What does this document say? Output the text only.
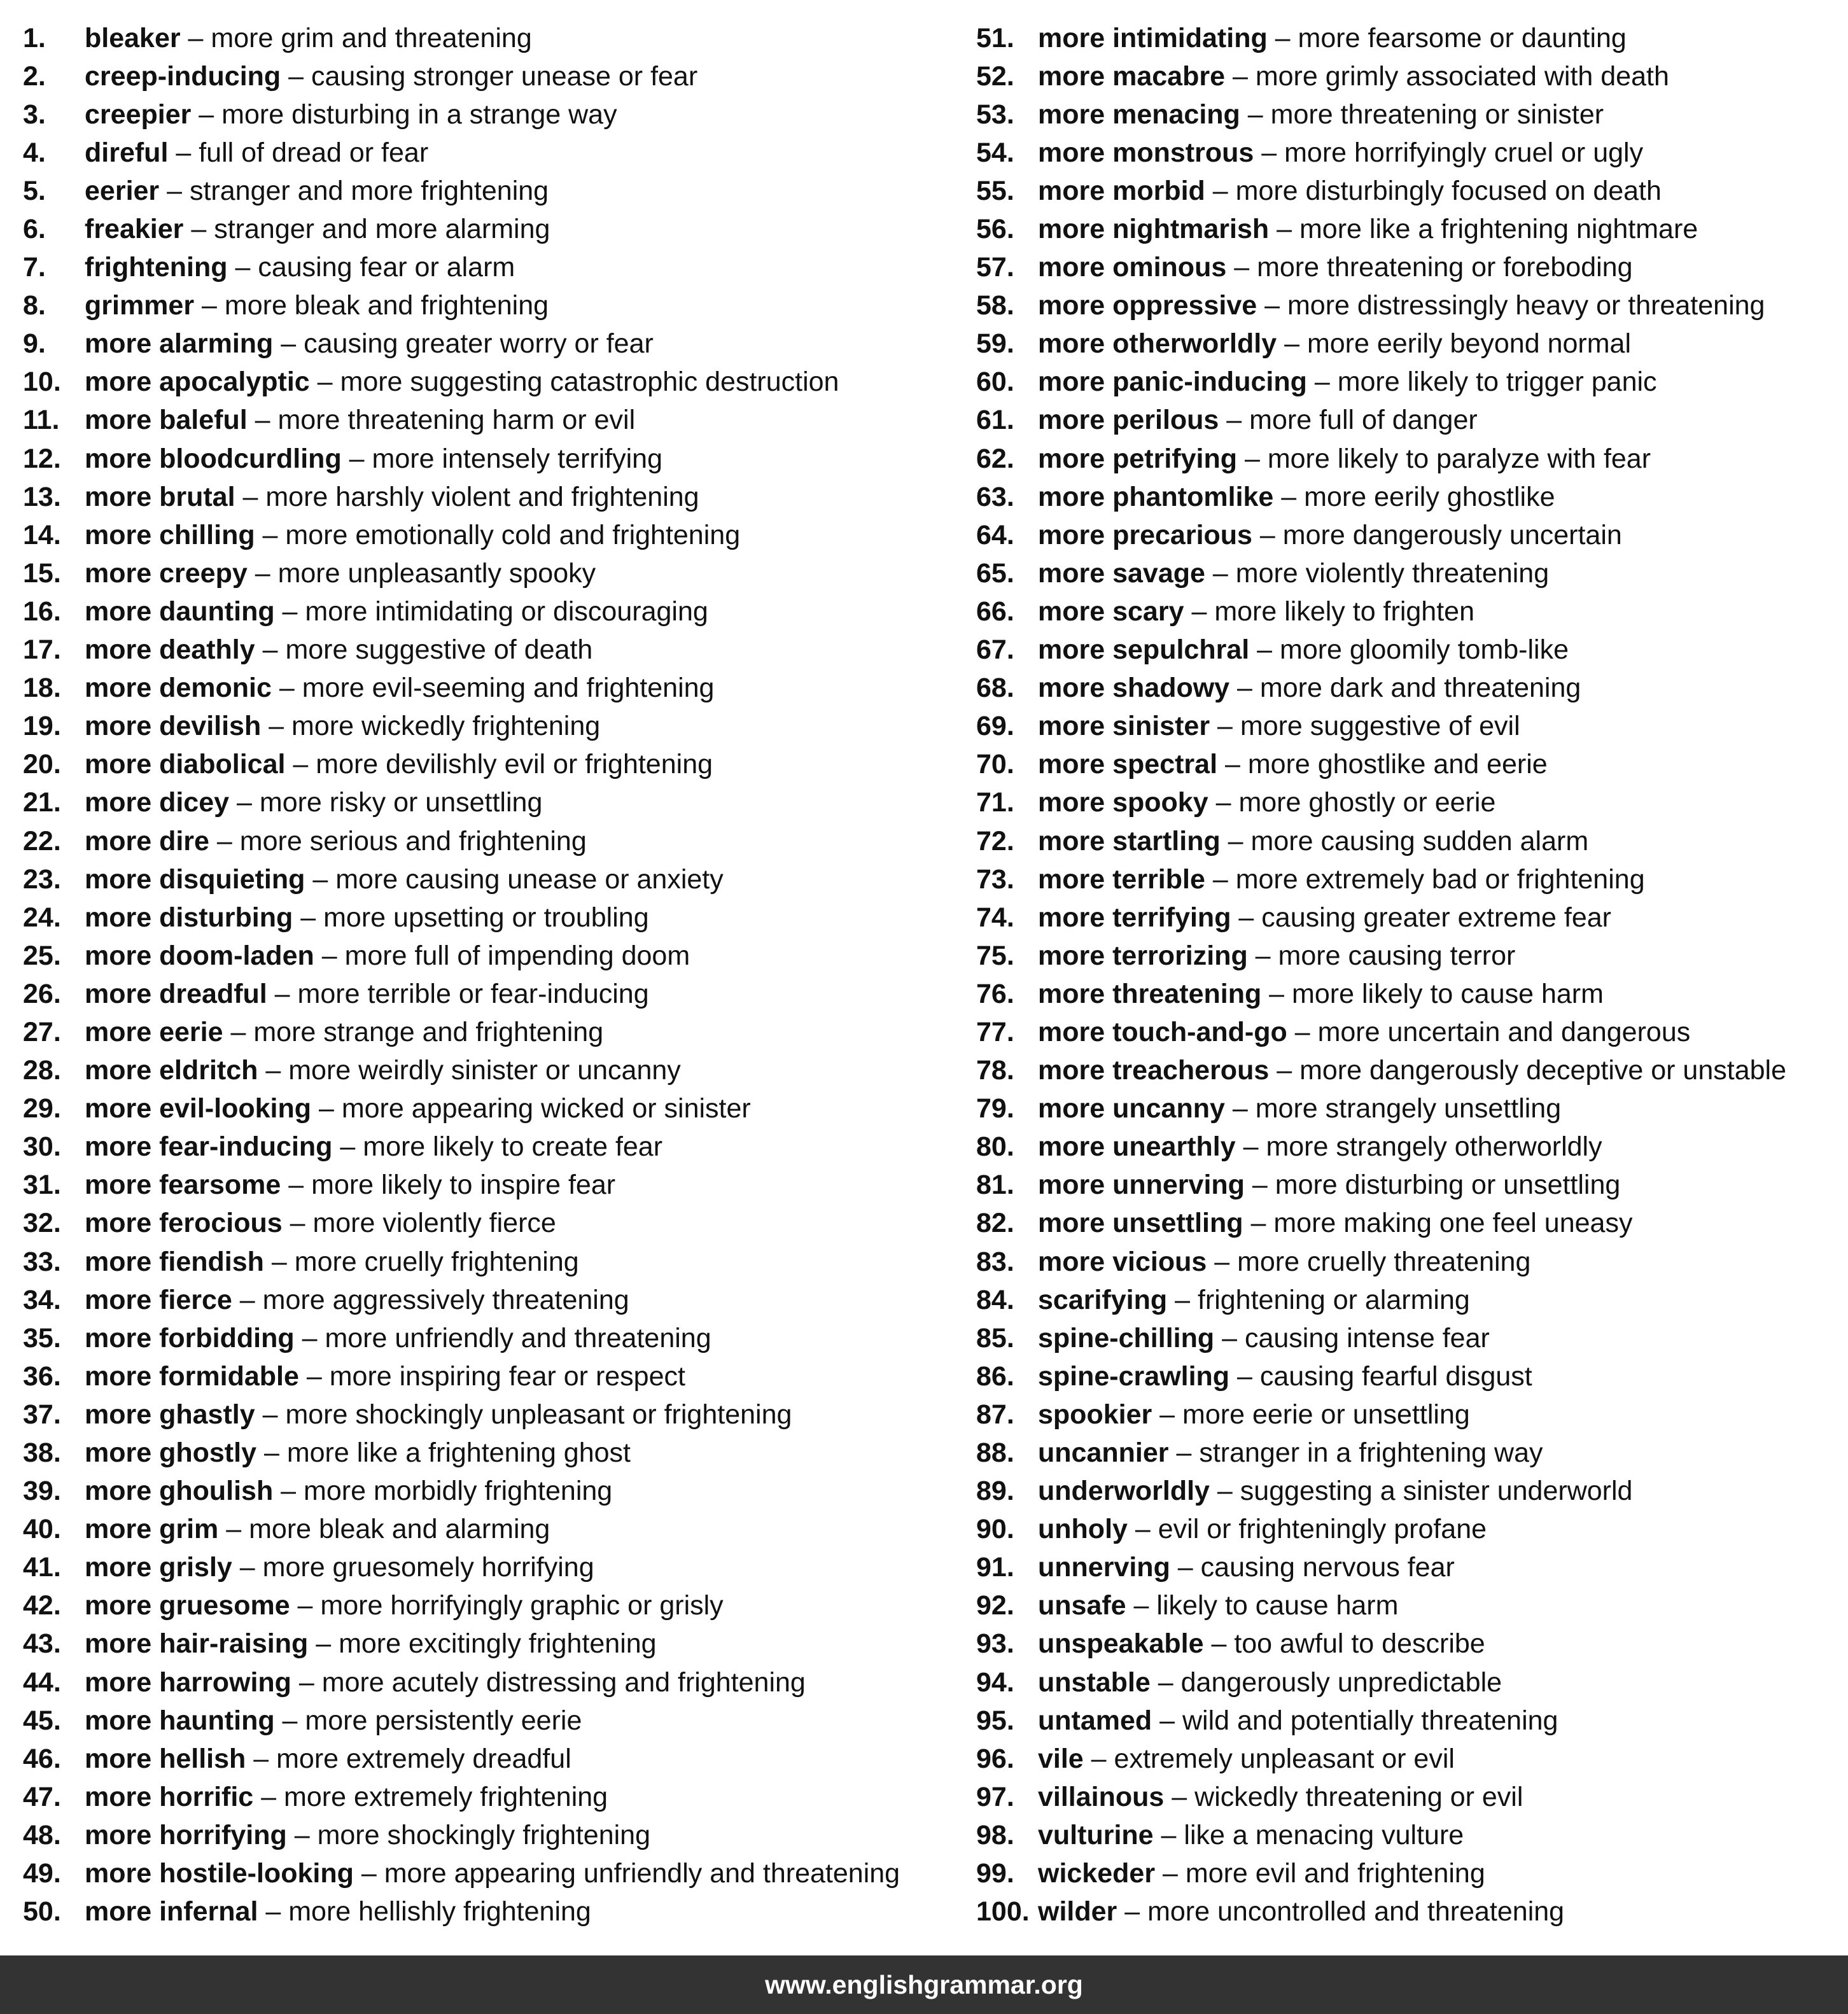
1.	bleaker – more grim and threatening
2.	creep-inducing – causing stronger unease or fear
3.	creepier – more disturbing in a strange way
4.	direful – full of dread or fear
5.	eerier – stranger and more frightening
6.	freakier – stranger and more alarming
7.	frightening – causing fear or alarm
8.	grimmer – more bleak and frightening
9.	more alarming – causing greater worry or fear
10. more apocalyptic – more suggesting catastrophic destruction
11. more baleful – more threatening harm or evil
12. more bloodcurdling – more intensely terrifying
13. more brutal – more harshly violent and frightening
14. more chilling – more emotionally cold and frightening
15. more creepy – more unpleasantly spooky
16. more daunting – more intimidating or discouraging
17. more deathly – more suggestive of death
18. more demonic – more evil-seeming and frightening
19. more devilish – more wickedly frightening
20. more diabolical – more devilishly evil or frightening
21. more dicey – more risky or unsettling
22. more dire – more serious and frightening
23. more disquieting – more causing unease or anxiety
24. more disturbing – more upsetting or troubling
25. more doom-laden – more full of impending doom
26. more dreadful – more terrible or fear-inducing
27. more eerie – more strange and frightening
28. more eldritch – more weirdly sinister or uncanny
29. more evil-looking – more appearing wicked or sinister
30. more fear-inducing – more likely to create fear
31. more fearsome – more likely to inspire fear
32. more ferocious – more violently fierce
33. more fiendish – more cruelly frightening
34. more fierce – more aggressively threatening
35. more forbidding – more unfriendly and threatening
36. more formidable – more inspiring fear or respect
37. more ghastly – more shockingly unpleasant or frightening
38. more ghostly – more like a frightening ghost
39. more ghoulish – more morbidly frightening
40. more grim – more bleak and alarming
41. more grisly – more gruesomely horrifying
42. more gruesome – more horrifyingly graphic or grisly
43. more hair-raising – more excitingly frightening
44. more harrowing – more acutely distressing and frightening
45. more haunting – more persistently eerie
46. more hellish – more extremely dreadful
47. more horrific – more extremely frightening
48. more horrifying – more shockingly frightening
49. more hostile-looking – more appearing unfriendly and threatening
50. more infernal – more hellishly frightening
51. more intimidating – more fearsome or daunting
52. more macabre – more grimly associated with death
53. more menacing – more threatening or sinister
54. more monstrous – more horrifyingly cruel or ugly
55. more morbid – more disturbingly focused on death
56. more nightmarish – more like a frightening nightmare
57. more ominous – more threatening or foreboding
58. more oppressive – more distressingly heavy or threatening
59. more otherworldly – more eerily beyond normal
60. more panic-inducing – more likely to trigger panic
61. more perilous – more full of danger
62. more petrifying – more likely to paralyze with fear
63. more phantomlike – more eerily ghostlike
64. more precarious – more dangerously uncertain
65. more savage – more violently threatening
66. more scary – more likely to frighten
67. more sepulchral – more gloomily tomb-like
68. more shadowy – more dark and threatening
69. more sinister – more suggestive of evil
70. more spectral – more ghostlike and eerie
71. more spooky – more ghostly or eerie
72. more startling – more causing sudden alarm
73. more terrible – more extremely bad or frightening
74. more terrifying – causing greater extreme fear
75. more terrorizing – more causing terror
76. more threatening – more likely to cause harm
77. more touch-and-go – more uncertain and dangerous
78. more treacherous – more dangerously deceptive or unstable
79. more uncanny – more strangely unsettling
80. more unearthly – more strangely otherworldly
81. more unnerving – more disturbing or unsettling
82. more unsettling – more making one feel uneasy
83. more vicious – more cruelly threatening
84. scarifying – frightening or alarming
85. spine-chilling – causing intense fear
86. spine-crawling – causing fearful disgust
87. spookier – more eerie or unsettling
88. uncannier – stranger in a frightening way
89. underworldly – suggesting a sinister underworld
90. unholy – evil or frighteningly profane
91. unnerving – causing nervous fear
92. unsafe – likely to cause harm
93. unspeakable – too awful to describe
94. unstable – dangerously unpredictable
95. untamed – wild and potentially threatening
96. vile – extremely unpleasant or evil
97. villainous – wickedly threatening or evil
98. vulturine – like a menacing vulture
99. wickeder – more evil and frightening
100. wilder – more uncontrolled and threatening
www.englishgrammar.org
